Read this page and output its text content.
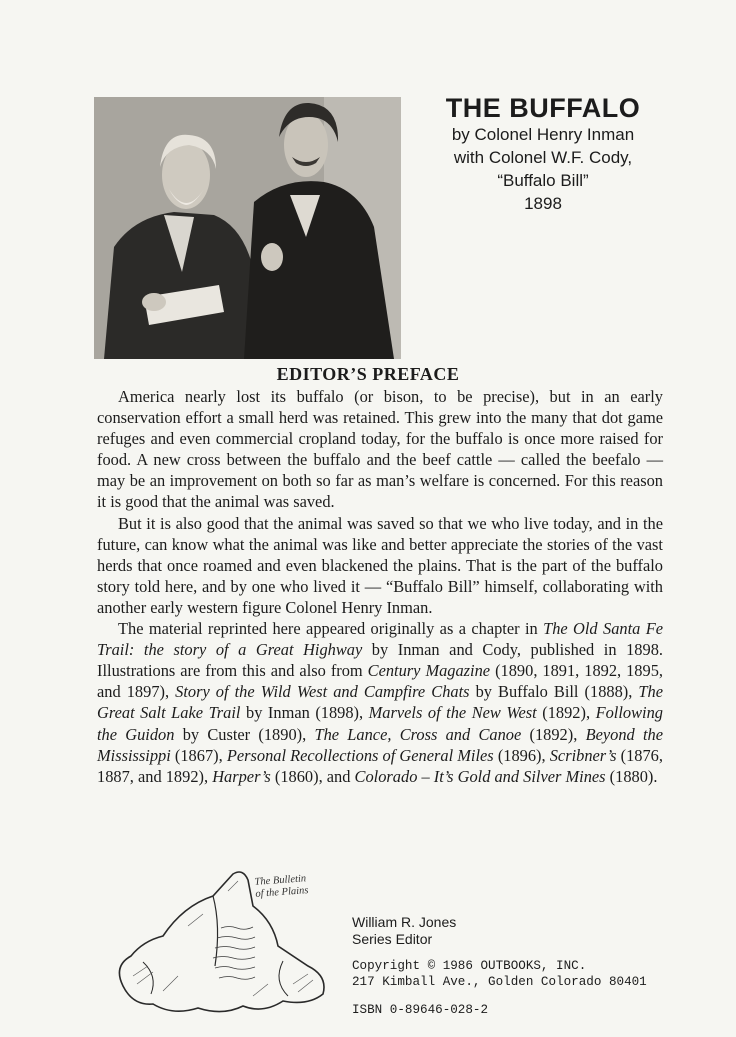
THE BUFFALO
by Colonel Henry Inman
with Colonel W.F. Cody,
“Buffalo Bill”
1898
EDITOR’S PREFACE

America nearly lost its buffalo (or bison, to be precise), but in an early conservation effort a small herd was retained. This grew into the many that dot game refuges and even commercial cropland today, for the buffalo is once more raised for food. A new cross between the buffalo and the beef cattle — called the beefalo — may be an improvement on both so far as man’s welfare is concerned. For this reason it is good that the animal was saved.

But it is also good that the animal was saved so that we who live today, and in the future, can know what the animal was like and better appreciate the stories of the vast herds that once roamed and even blackened the plains. That is the part of the buffalo story told here, and by one who lived it — “Buffalo Bill” himself, collaborating with another early western figure Colonel Henry Inman.

The material reprinted here appeared originally as a chapter in The Old Santa Fe Trail: the story of a Great Highway by Inman and Cody, published in 1898. Illustrations are from this and also from Century Magazine (1890, 1891, 1892, 1895, and 1897), Story of the Wild West and Campfire Chats by Buffalo Bill (1888), The Great Salt Lake Trail by Inman (1898), Marvels of the New West (1892), Following the Guidon by Custer (1890), The Lance, Cross and Canoe (1892), Beyond the Mississippi (1867), Personal Recollections of General Miles (1896), Scribner’s (1876, 1887, and 1892), Harper’s (1860), and Colorado – It’s Gold and Silver Mines (1880).

The Bulletin
of the Plains
William R. Jones
Series Editor
Copyright © 1986 OUTBOOKS, INC.
217 Kimball Ave., Golden Colorado 80401
ISBN 0-89646-028-2
